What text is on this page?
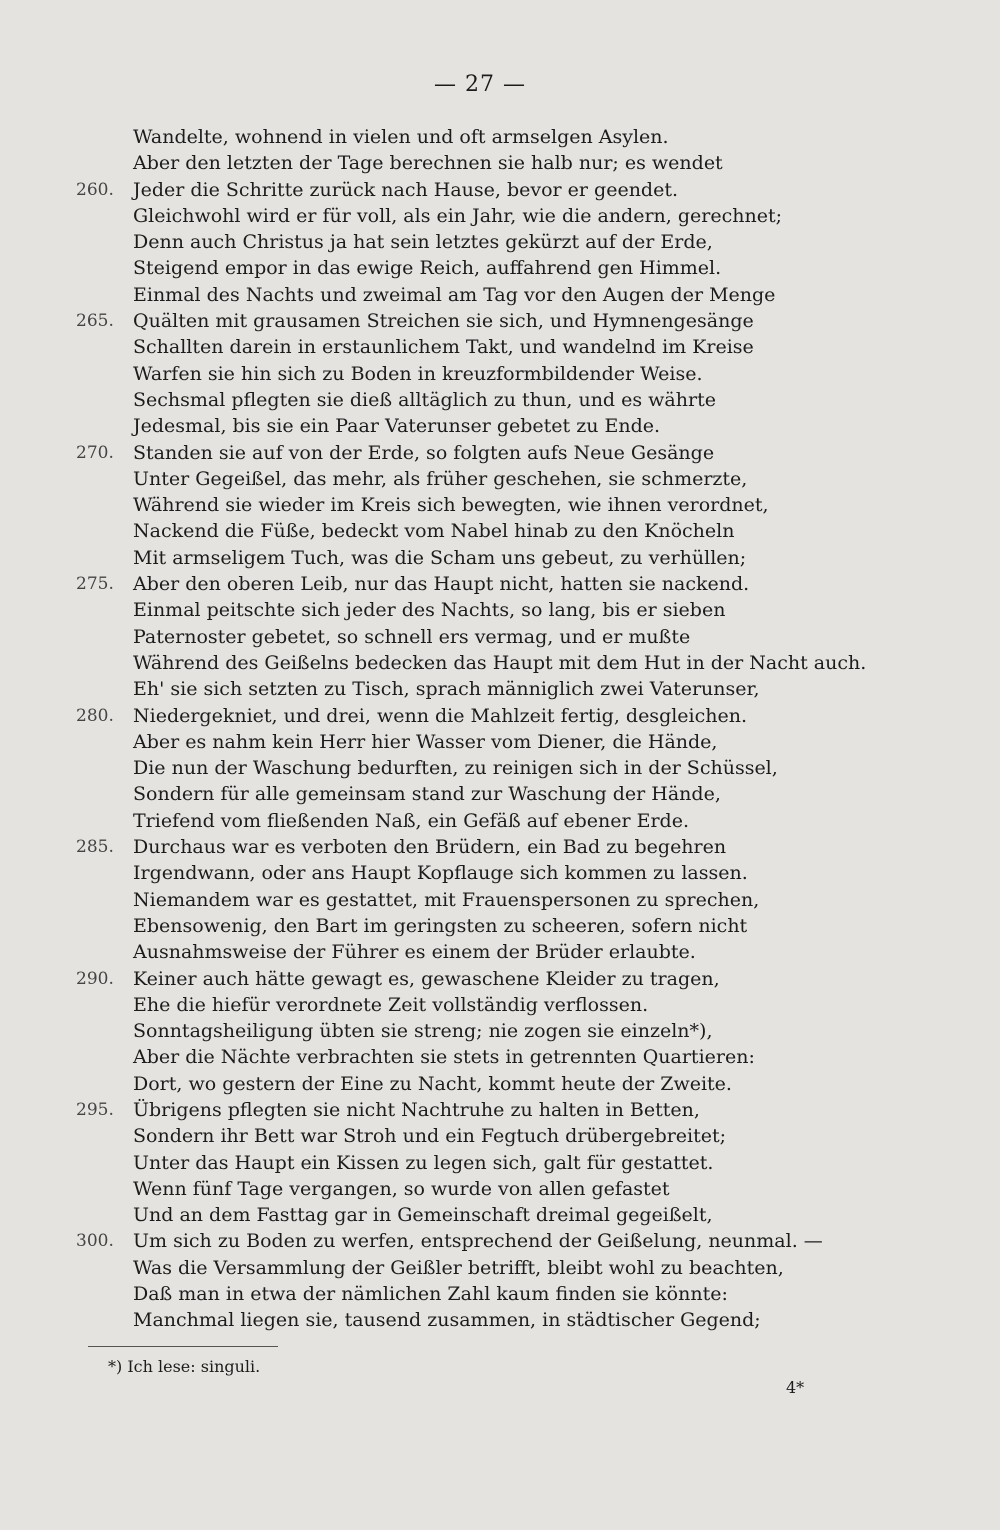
— 27 —
Wandelte, wohnend in vielen und oft armselgen Asylen.
Aber den letzten der Tage berechnen sie halb nur; es wendet
260.	Jeder die Schritte zurück nach Hause, bevor er geendet.
Gleichwohl wird er für voll, als ein Jahr, wie die andern, gerechnet;
Denn auch Christus ja hat sein letztes gekürzt auf der Erde,
Steigend empor in das ewige Reich, auffahrend gen Himmel.
Einmal des Nachts und zweimal am Tag vor den Augen der Menge
265.	Quälten mit grausamen Streichen sie sich, und Hymnengesänge
Schallten darein in erstaunlichem Takt, und wandelnd im Kreise
Warfen sie hin sich zu Boden in kreuzformbildender Weise.
Sechsmal pflegten sie dieß alltäglich zu thun, und es währte
Jedesmal, bis sie ein Paar Vaterunser gebetet zu Ende.
270.	Standen sie auf von der Erde, so folgten aufs Neue Gesänge
Unter Gegeißel, das mehr, als früher geschehen, sie schmerzte,
Während sie wieder im Kreis sich bewegten, wie ihnen verordnet,
Nackend die Füße, bedeckt vom Nabel hinab zu den Knöcheln
Mit armseligem Tuch, was die Scham uns gebeut, zu verhüllen;
275.	Aber den oberen Leib, nur das Haupt nicht, hatten sie nackend.
Einmal peitschte sich jeder des Nachts, so lang, bis er sieben
Paternoster gebetet, so schnell ers vermag, und er mußte
Während des Geißelns bedecken das Haupt mit dem Hut in der Nacht auch.
Eh' sie sich setzten zu Tisch, sprach männiglich zwei Vaterunser,
280.	Niedergekniet, und drei, wenn die Mahlzeit fertig, desgleichen.
Aber es nahm kein Herr hier Wasser vom Diener, die Hände,
Die nun der Waschung bedurften, zu reinigen sich in der Schüssel,
Sondern für alle gemeinsam stand zur Waschung der Hände,
Triefend vom fließenden Naß, ein Gefäß auf ebener Erde.
285.	Durchaus war es verboten den Brüdern, ein Bad zu begehren
Irgendwann, oder ans Haupt Kopflauge sich kommen zu lassen.
Niemandem war es gestattet, mit Frauenspersonen zu sprechen,
Ebensowenig, den Bart im geringsten zu scheeren, sofern nicht
Ausnahmsweise der Führer es einem der Brüder erlaubte.
290.	Keiner auch hätte gewagt es, gewaschene Kleider zu tragen,
Ehe die hiefür verordnete Zeit vollständig verflossen.
Sonntagsheiligung übten sie streng; nie zogen sie einzeln*),
Aber die Nächte verbrachten sie stets in getrennten Quartieren:
Dort, wo gestern der Eine zu Nacht, kommt heute der Zweite.
295.	Übrigens pflegten sie nicht Nachtruhe zu halten in Betten,
Sondern ihr Bett war Stroh und ein Fegtuch drübergebreitet;
Unter das Haupt ein Kissen zu legen sich, galt für gestattet.
Wenn fünf Tage vergangen, so wurde von allen gefastet
Und an dem Fasttag gar in Gemeinschaft dreimal gegeißelt,
300.	Um sich zu Boden zu werfen, entsprechend der Geißelung, neunmal. —
Was die Versammlung der Geißler betrifft, bleibt wohl zu beachten,
Daß man in etwa der nämlichen Zahl kaum finden sie könnte:
Manchmal liegen sie, tausend zusammen, in städtischer Gegend;
*) Ich lese: singuli.
4*
